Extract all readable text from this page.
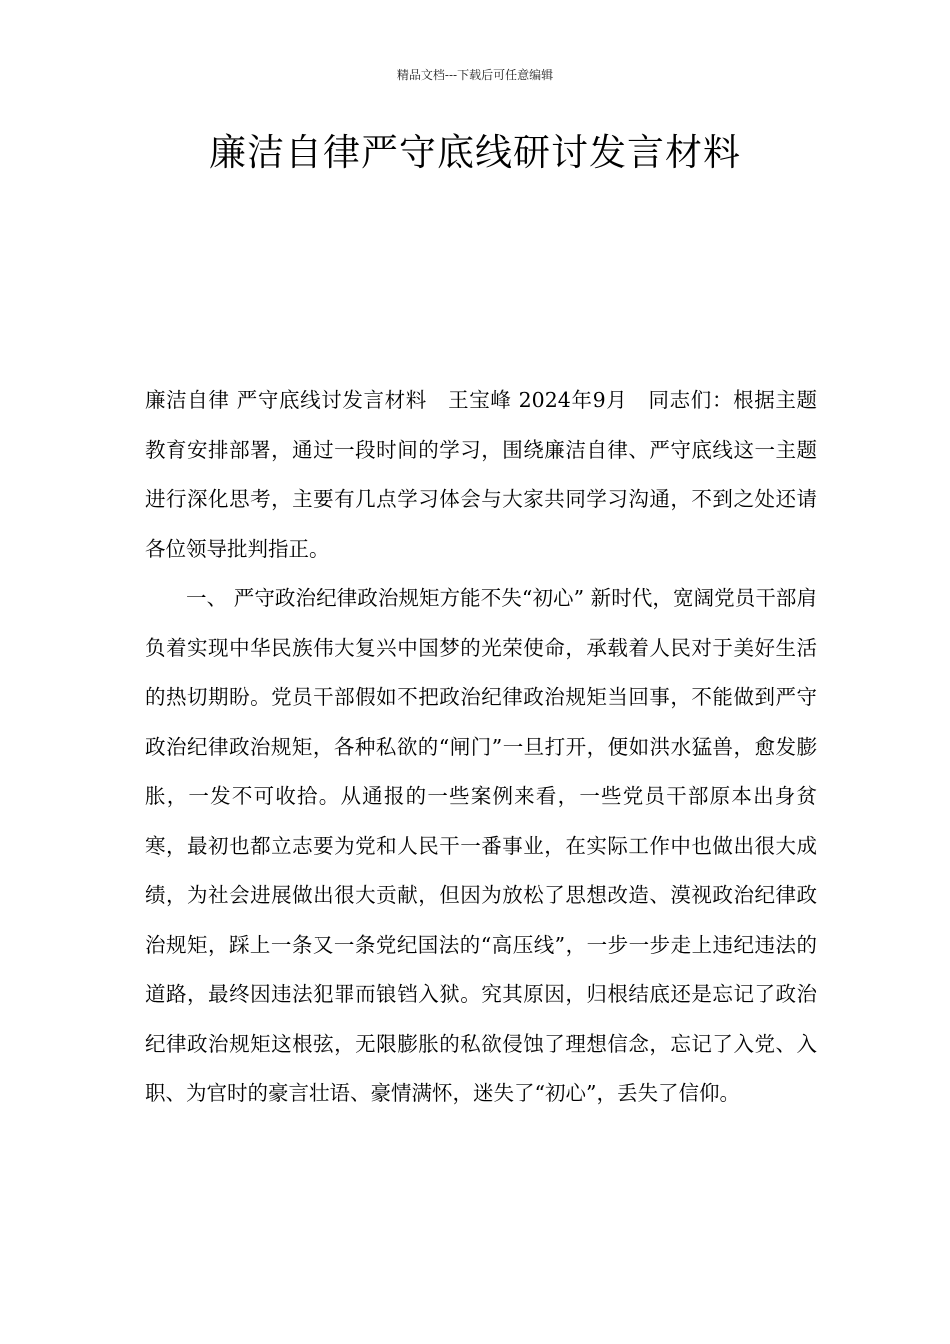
精品文档---下载后可任意编辑
廉洁自律严守底线研讨发言材料

廉洁自律 严守底线讨发言材料　王宝峰 2024年9月　同志们：根据主题教育安排部署，通过一段时间的学习，围绕廉洁自律、严守底线这一主题进行深化思考，主要有几点学习体会与大家共同学习沟通，不到之处还请各位领导批判指正。

一、 严守政治纪律政治规矩方能不失“初心” 新时代，宽阔党员干部肩负着实现中华民族伟大复兴中国梦的光荣使命，承载着人民对于美好生活的热切期盼。党员干部假如不把政治纪律政治规矩当回事，不能做到严守政治纪律政治规矩，各种私欲的“闸门”一旦打开，便如洪水猛兽，愈发膨胀，一发不可收拾。从通报的一些案例来看，一些党员干部原本出身贫寒，最初也都立志要为党和人民干一番事业，在实际工作中也做出很大成绩，为社会进展做出很大贡献，但因为放松了思想改造、漠视政治纪律政治规矩，踩上一条又一条党纪国法的“高压线”，一步一步走上违纪违法的道路，最终因违法犯罪而锒铛入狱。究其原因，归根结底还是忘记了政治纪律政治规矩这根弦，无限膨胀的私欲侵蚀了理想信念，忘记了入党、入职、为官时的豪言壮语、豪情满怀，迷失了“初心”，丢失了信仰。
